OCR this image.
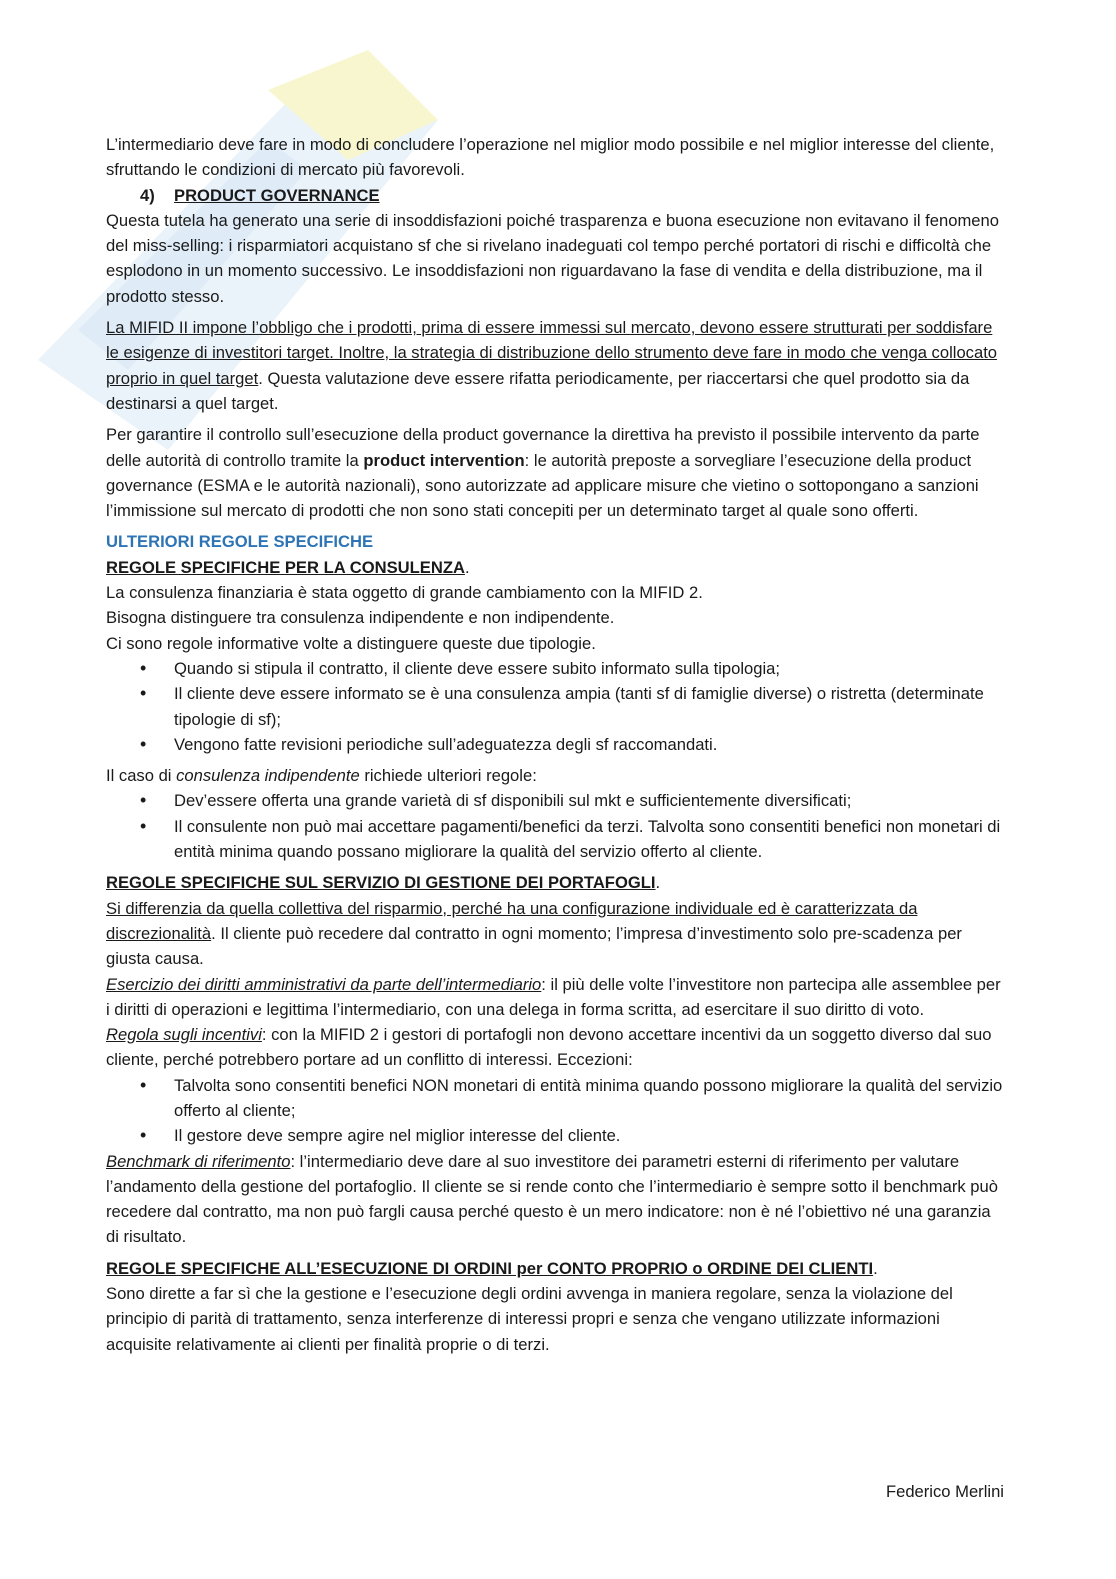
L’intermediario deve fare in modo di concludere l’operazione nel miglior modo possibile e nel miglior interesse del cliente, sfruttando le condizioni di mercato più favorevoli.

4) PRODUCT GOVERNANCE

Questa tutela ha generato una serie di insoddisfazioni poiché trasparenza e buona esecuzione non evitavano il fenomeno del miss-selling: i risparmiatori acquistano sf che si rivelano inadeguati col tempo perché portatori di rischi e difficoltà che esplodono in un momento successivo. Le insoddisfazioni non riguardavano la fase di vendita e della distribuzione, ma il prodotto stesso.

La MIFID II impone l’obbligo che i prodotti, prima di essere immessi sul mercato, devono essere strutturati per soddisfare le esigenze di investitori target. Inoltre, la strategia di distribuzione dello strumento deve fare in modo che venga collocato proprio in quel target. Questa valutazione deve essere rifatta periodicamente, per riaccertarsi che quel prodotto sia da destinarsi a quel target.

Per garantire il controllo sull’esecuzione della product governance la direttiva ha previsto il possibile intervento da parte delle autorità di controllo tramite la product intervention: le autorità preposte a sorvegliare l’esecuzione della product governance (ESMA e le autorità nazionali), sono autorizzate ad applicare misure che vietino o sottopongano a sanzioni l’immissione sul mercato di prodotti che non sono stati concepiti per un determinato target al quale sono offerti.

ULTERIORI REGOLE SPECIFICHE

REGOLE SPECIFICHE PER LA CONSULENZA.

La consulenza finanziaria è stata oggetto di grande cambiamento con la MIFID 2.

Bisogna distinguere tra consulenza indipendente e non indipendente.

Ci sono regole informative volte a distinguere queste due tipologie.

• Quando si stipula il contratto, il cliente deve essere subito informato sulla tipologia;
• Il cliente deve essere informato se è una consulenza ampia (tanti sf di famiglie diverse) o ristretta (determinate tipologie di sf);
• Vengono fatte revisioni periodiche sull’adeguatezza degli sf raccomandati.

Il caso di consulenza indipendente richiede ulteriori regole:

• Dev’essere offerta una grande varietà di sf disponibili sul mkt e sufficientemente diversificati;
• Il consulente non può mai accettare pagamenti/benefici da terzi. Talvolta sono consentiti benefici non monetari di entità minima quando possano migliorare la qualità del servizio offerto al cliente.

REGOLE SPECIFICHE SUL SERVIZIO DI GESTIONE DEI PORTAFOGLI.

Si differenzia da quella collettiva del risparmio, perché ha una configurazione individuale ed è caratterizzata da discrezionalità. Il cliente può recedere dal contratto in ogni momento; l’impresa d’investimento solo pre-scadenza per giusta causa.

Esercizio dei diritti amministrativi da parte dell’intermediario: il più delle volte l’investitore non partecipa alle assemblee per i diritti di operazioni e legittima l’intermediario, con una delega in forma scritta, ad esercitare il suo diritto di voto.

Regola sugli incentivi: con la MIFID 2 i gestori di portafogli non devono accettare incentivi da un soggetto diverso dal suo cliente, perché potrebbero portare ad un conflitto di interessi. Eccezioni:

• Talvolta sono consentiti benefici NON monetari di entità minima quando possono migliorare la qualità del servizio offerto al cliente;
• Il gestore deve sempre agire nel miglior interesse del cliente.

Benchmark di riferimento: l’intermediario deve dare al suo investitore dei parametri esterni di riferimento per valutare l’andamento della gestione del portafoglio. Il cliente se si rende conto che l’intermediario è sempre sotto il benchmark può recedere dal contratto, ma non può fargli causa perché questo è un mero indicatore: non è né l’obiettivo né una garanzia di risultato.

REGOLE SPECIFICHE ALL’ESECUZIONE DI ORDINI per CONTO PROPRIO o ORDINE DEI CLIENTI.

Sono dirette a far sì che la gestione e l’esecuzione degli ordini avvenga in maniera regolare, senza la violazione del principio di parità di trattamento, senza interferenze di interessi propri e senza che vengano utilizzate informazioni acquisite relativamente ai clienti per finalità proprie o di terzi.

Federico Merlini
